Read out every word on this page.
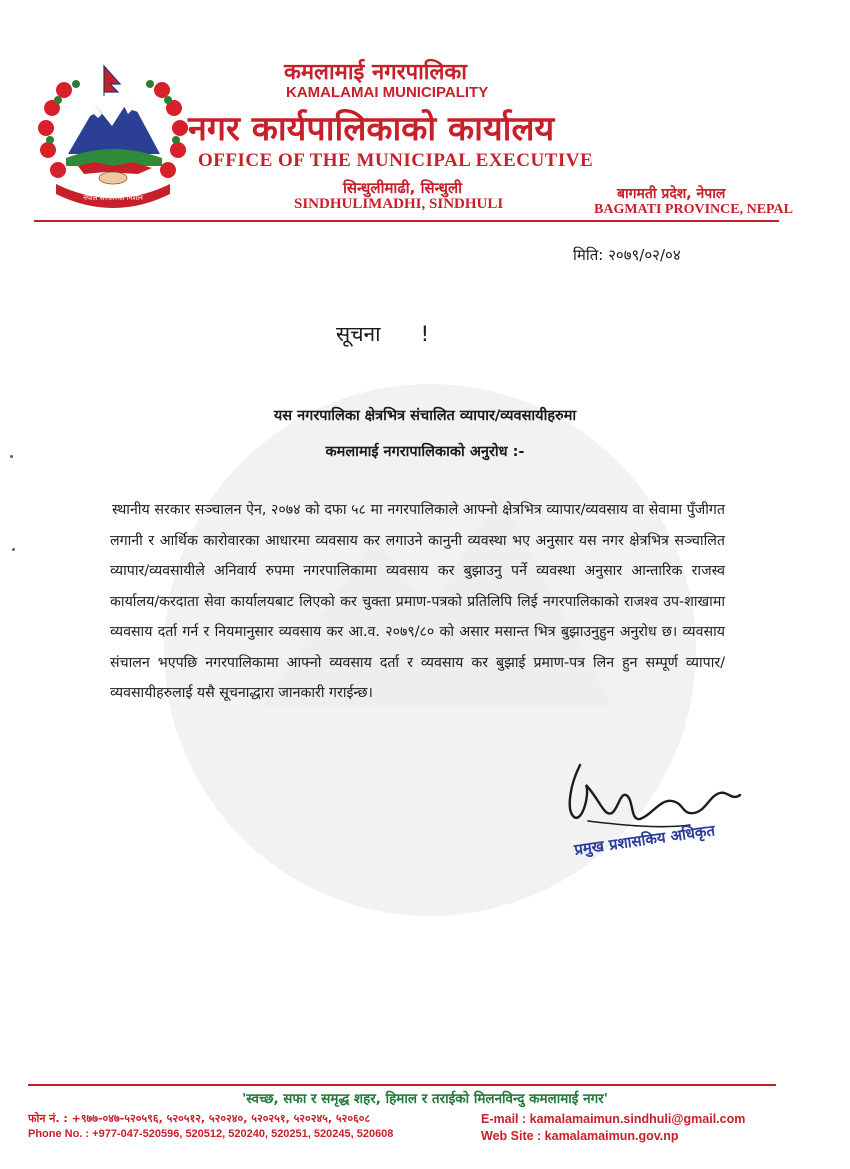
नेपाल सरकारको निशान
कमलामाई नगरपालिका
KAMALAMAI MUNICIPALITY
नगर कार्यपालिकाको कार्यालय
OFFICE OF THE MUNICIPAL EXECUTIVE
सिन्धुलीमाढी, सिन्धुली
SINDHULIMADHI, SINDHULI
बागमती प्रदेश, नेपाल
BAGMATI PROVINCE, NEPAL
मिति: २०७९/०२/०४
सूचना !
यस नगरपालिका क्षेत्रभित्र संचालित व्यापार/व्यवसायीहरुमा
कमलामाई नगरापालिकाको अनुरोध :-
स्थानीय सरकार सञ्चालन ऐन, २०७४ को दफा ५८ मा नगरपालिकाले आफ्नो क्षेत्रभित्र व्यापार/व्यवसाय वा सेवामा पुँजीगत लगानी र आर्थिक कारोवारका आधारमा व्यवसाय कर लगाउने कानुनी व्यवस्था भए अनुसार यस नगर क्षेत्रभित्र सञ्चालित व्यापार/व्यवसायीले अनिवार्य रुपमा नगरपालिकामा व्यवसाय कर बुझाउनु पर्ने व्यवस्था अनुसार आन्तारिक राजस्व कार्यालय/करदाता सेवा कार्यालयबाट लिएको कर चुक्ता प्रमाण-पत्रको प्रतिलिपि लिई नगरपालिकाको राजश्व उप-शाखामा व्यवसाय दर्ता गर्न र नियमानुसार व्यवसाय कर आ.व. २०७९/८० को असार मसान्त भित्र बुझाउनुहुन अनुरोध छ। व्यवसाय संचालन भएपछि नगरपालिकामा आफ्नो व्यवसाय दर्ता र व्यवसाय कर बुझाई प्रमाण-पत्र लिन हुन सम्पूर्ण व्यापार/व्यवसायीहरुलाई यसै सूचनाद्धारा जानकारी गराईन्छ।
प्रमुख प्रशासकिय अधिकृत
'स्वच्छ, सफा र समृद्ध शहर, हिमाल र तराईको मिलनविन्दु कमलामाई नगर'
फोन नं. : +९७७-०४७-५२०५९६, ५२०५१२, ५२०२४०, ५२०२५१, ५२०२४५, ५२०६०८
Phone No. : +977-047-520596, 520512, 520240, 520251, 520245, 520608
E-mail : kamalamaimun.sindhuli@gmail.com
Web Site : kamalamaimun.gov.np
